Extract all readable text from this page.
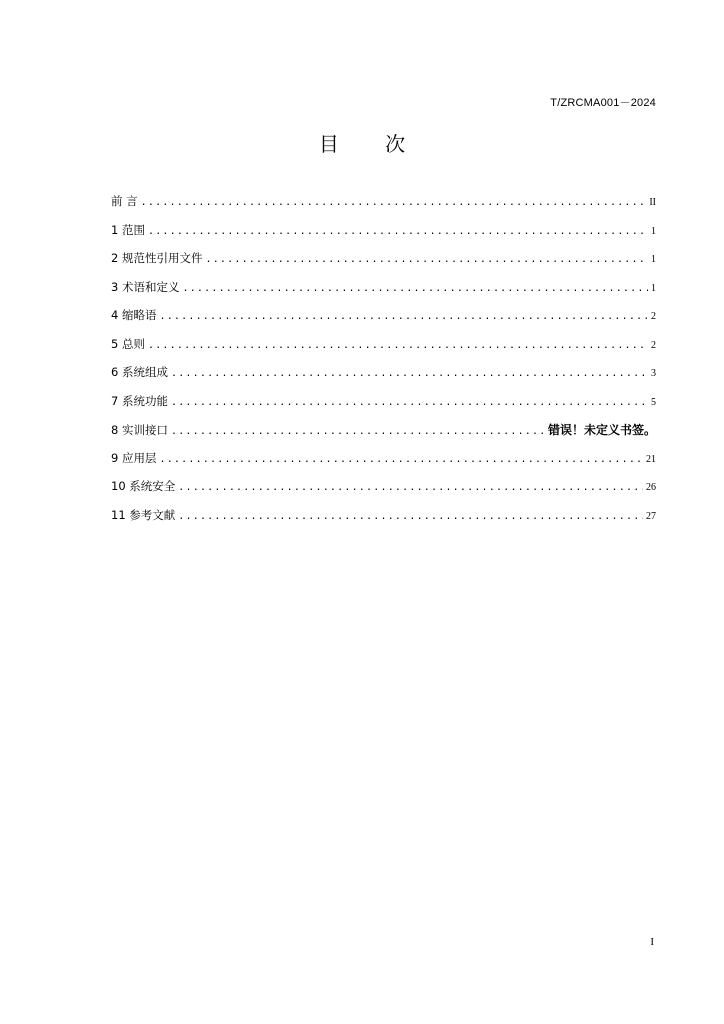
T/ZRCMA001－2024
目 次
前 言 .....	II
1 范围 .....	1
2 规范性引用文件 .....	1
3 术语和定义 .....	1
4 缩略语 .....	2
5 总则 .....	2
6 系统组成 .....	3
7 系统功能 .....	5
8 实训接口 .....	错误！未定义书签。
9 应用层 .....	21
10 系统安全 .....	26
11 参考文献 .....	27
I
